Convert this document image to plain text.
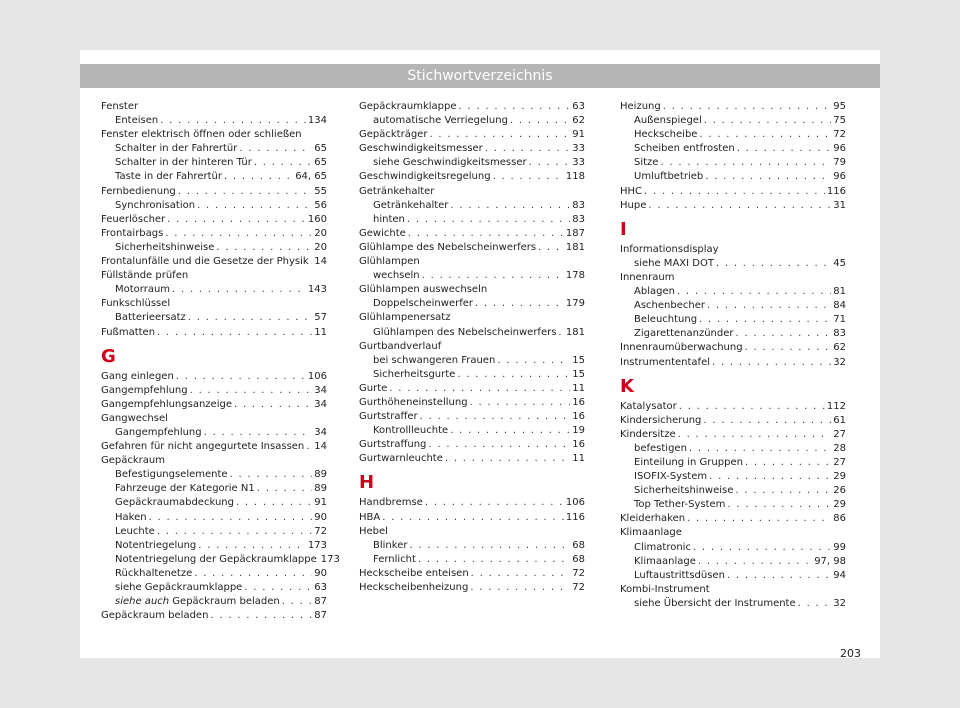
Stichwortverzeichnis
Fenster
Enteisen . . .	134
Fenster elektrisch öffnen oder schließen
Schalter in der Fahrertür . . .	65
Schalter in der hinteren Tür . . .	65
Taste in der Fahrertür . . .	64, 65
Fernbedienung . . .	55
Synchronisation . . .	56
Feuerlöscher . . .	160
Frontairbags . . .	20
Sicherheitshinweise . . .	20
Frontalunfälle und die Gesetze der Physik . . . 14
Füllstände prüfen
Motorraum . . .	143
Funkschlüssel
Batterieersatz . . .	57
Fußmatten . . .	11
G
Gang einlegen . . .	106
Gangempfehlung . . .	34
Gangempfehlungsanzeige . . .	34
Gangwechsel
Gangempfehlung . . .	34
Gefahren für nicht angegurtete Insassen . . . 14
Gepäckraum
Befestigungselemente . . .	89
Fahrzeuge der Kategorie N1 . . .	89
Gepäckraumabdeckung . . .	91
Haken . . .	90
Leuchte . . .	72
Notentriegelung . . .	173
Notentriegelung der Gepäckraumklappe 173
Rückhaltenetze . . .	90
siehe Gepäckraumklappe . . .	63
siehe auch Gepäckraum beladen . . .	87
Gepäckraum beladen . . .	87
Gepäckraumklappe . . .	63
automatische Verriegelung . . .	62
Gepäckträger . . .	91
Geschwindigkeitsmesser . . .	33
siehe Geschwindigkeitsmesser . . .	33
Geschwindigkeitsregelung . . .	118
Getränkehalter
Getränkehalter . . .	83
hinten . . .	83
Gewichte . . .	187
Glühlampe des Nebelscheinwerfers . . .	181
Glühlampen
wechseln . . .	178
Glühlampen auswechseln
Doppelscheinwerfer . . .	179
Glühlampenersatz
Glühlampen des Nebelscheinwerfers . . . 181
Gurtbandverlauf
bei schwangeren Frauen . . .	15
Sicherheitsgurte . . .	15
Gurte . . .	11
Gurthöheneinstellung . . .	16
Gurtstraffer . . .	16
Kontrollleuchte . . .	19
Gurtstraffung . . .	16
Gurtwarnleuchte . . .	11
H
Handbremse . . .	106
HBA . . .	116
Hebel
Blinker . . .	68
Fernlicht . . .	68
Heckscheibe enteisen . . .	72
Heckscheibenheizung . . .	72
Heizung . . .	95
Außenspiegel . . .	75
Heckscheibe . . .	72
Scheiben entfrosten . . .	96
Sitze . . .	79
Umluftbetrieb . . .	96
HHC . . .	116
Hupe . . .	31
I
Informationsdisplay
siehe MAXI DOT . . .	45
Innenraum
Ablagen . . .	81
Aschenbecher . . .	84
Beleuchtung . . .	71
Zigarettenanzünder . . .	83
Innenraumüberwachung . . .	62
Instrumententafel . . .	32
K
Katalysator . . .	112
Kindersicherung . . .	61
Kindersitze . . .	27
befestigen . . .	28
Einteilung in Gruppen . . .	27
ISOFIX-System . . .	29
Sicherheitshinweise . . .	26
Top Tether-System . . .	29
Kleiderhaken . . .	86
Klimaanlage
Climatronic . . .	99
Klimaanlage . . .	97, 98
Luftaustrittsdüsen . . .	94
Kombi-Instrument
siehe Übersicht der Instrumente . . .	32
203
